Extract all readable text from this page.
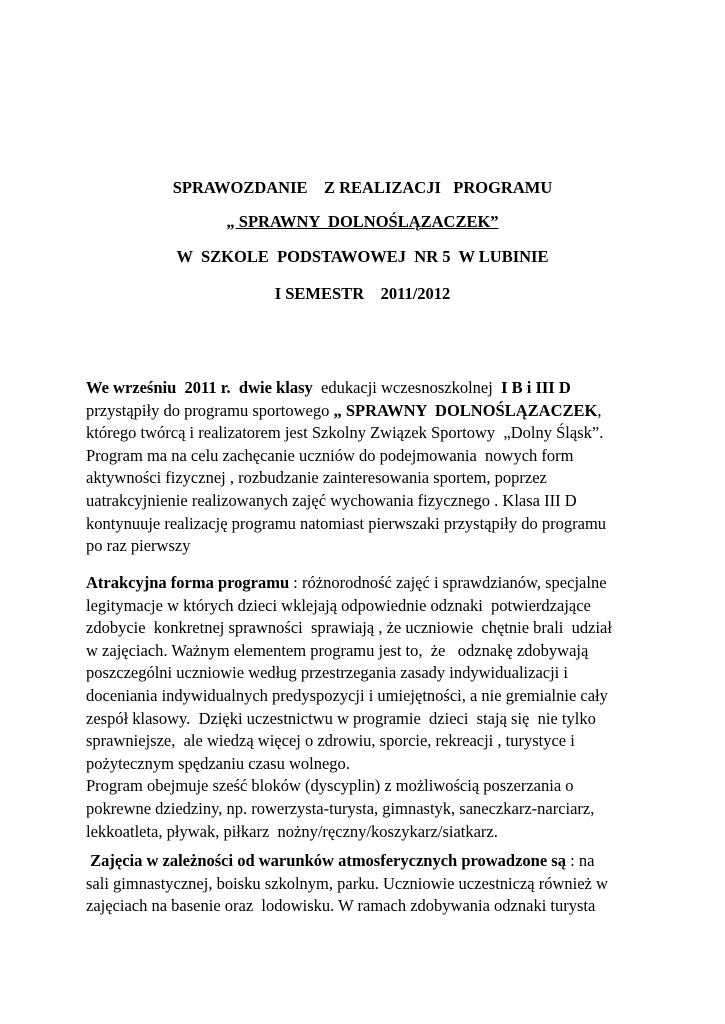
SPRAWOZDANIE    Z REALIZACJI   PROGRAMU
„ SPRAWNY  DOLNOŚLĄZACZEK”
W  SZKOLE  PODSTAWOWEJ  NR 5  W LUBINIE
I SEMESTR    2011/2012
We wrześniu  2011 r.  dwie klasy  edukacji wczesnoszkolnej  I B i III D
przystąpiły do programu sportowego „ SPRAWNY  DOLNOŚLĄZACZEK,
którego twórcą i realizatorem jest Szkolny Związek Sportowy  „Dolny Śląsk”.
Program ma na celu zachęcanie uczniów do podejmowania  nowych form
aktywności fizycznej , rozbudzanie zainteresowania sportem, poprzez
uatrakcyjnienie realizowanych zajęć wychowania fizycznego . Klasa III D
kontynuuje realizację programu natomiast pierwszaki przystąpiły do programu
po raz pierwszy
Atrakcyjna forma programu : różnorodność zajęć i sprawdzianów, specjalne
legitymacje w których dzieci wklejają odpowiednie odznaki  potwierdzające
zdobycie  konkretnej sprawności  sprawiają , że uczniowie  chętnie brali  udział
w zajęciach. Ważnym elementem programu jest to,  że   odznakę zdobywają
poszczególni uczniowie według przestrzegania zasady indywidualizacji i
doceniania indywidualnych predyspozycji i umiejętności, a nie gremialnie cały
zespół klasowy.  Dzięki uczestnictwu w programie  dzieci  stają się  nie tylko
sprawniejsze,  ale wiedzą więcej o zdrowiu, sporcie, rekreacji , turystyce i
pożytecznym spędzaniu czasu wolnego.
Program obejmuje sześć bloków (dyscyplin) z możliwością poszerzania o
pokrewne dziedziny, np. rowerzysta-turysta, gimnastyk, saneczkarz-narciarz,
lekkoatleta, pływak, piłkarz  nożny/ręczny/koszykarz/siatkarz.
Zajęcia w zależności od warunków atmosferycznych prowadzone są : na
sali gimnastycznej, boisku szkolnym, parku. Uczniowie uczestniczą również w
zajęciach na basenie oraz  lodowisku. W ramach zdobywania odznaki turysta
